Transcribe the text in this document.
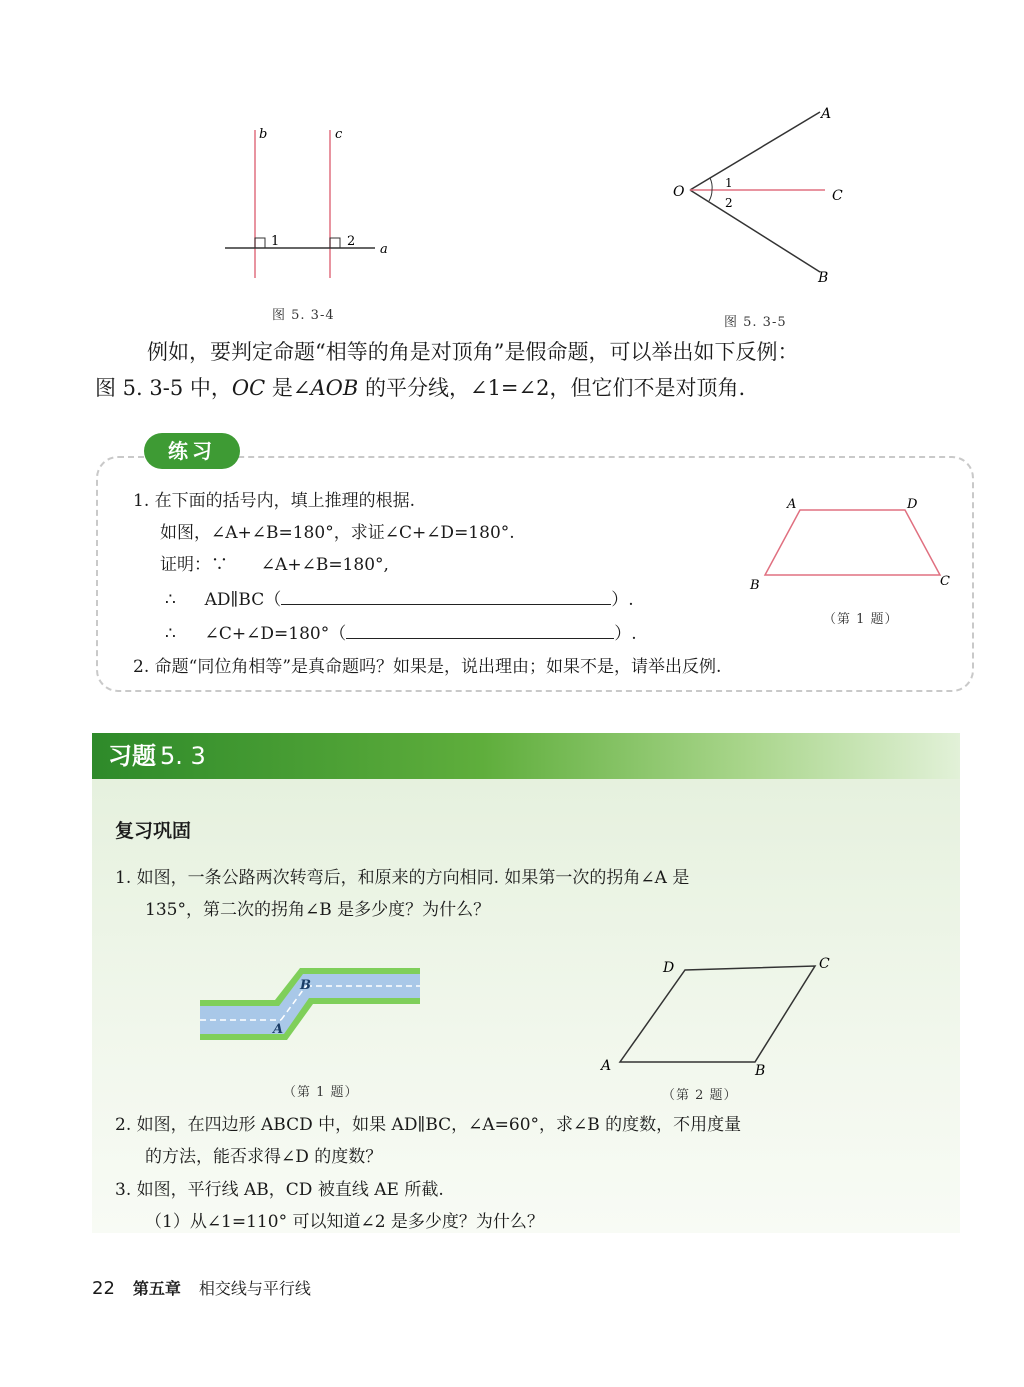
b	c
1	2
a
图 5. 3-4
O
A
C
B
1
2
图 5. 3-5
例如，要判定命题“相等的角是对顶角”是假命题，可以举出如下反例：
图 5. 3-5 中，OC 是∠AOB 的平分线，∠1=∠2，但它们不是对顶角.
练习
1. 在下面的括号内，填上推理的根据.
如图，∠A+∠B=180°，求证∠C+∠D=180°.
证明：∵ ∠A+∠B=180°,
∴ AD∥BC（	）.
∴ ∠C+∠D=180°（	）.
2. 命题“同位角相等”是真命题吗？如果是，说出理由；如果不是，请举出反例.
A	D
B	C
（第 1 题）
习题 5. 3
复习巩固
1. 如图，一条公路两次转弯后，和原来的方向相同. 如果第一次的拐角∠A 是
135°，第二次的拐角∠B 是多少度？为什么？
B
A
（第 1 题）
D	C
A	B
（第 2 题）
2. 如图，在四边形 ABCD 中，如果 AD∥BC，∠A=60°，求∠B 的度数，不用度量
的方法，能否求得∠D 的度数？
3. 如图，平行线 AB，CD 被直线 AE 所截.
（1）从∠1=110° 可以知道∠2 是多少度？为什么？
22 第五章 相交线与平行线
